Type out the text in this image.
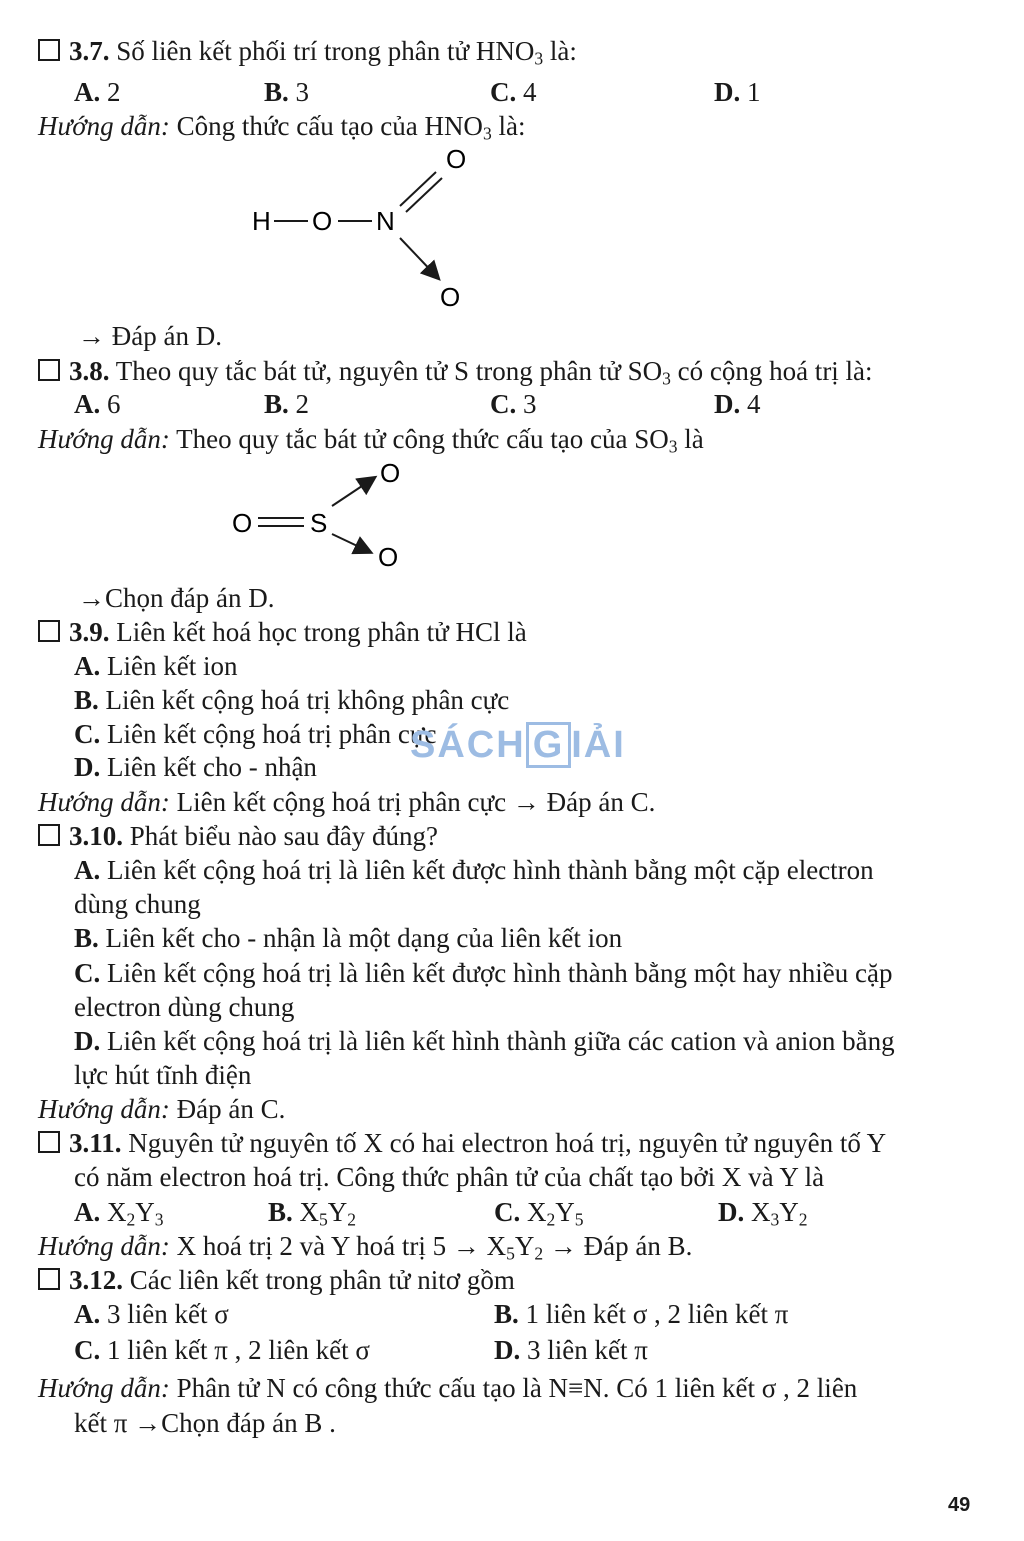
3.7. Số liên kết phối trí trong phân tử $HNO_3$ là:
A. 2	B. 3	C. 4	D. 1
Hướng dẫn: Công thức cấu tạo của $HNO_3$ là:
H O N
O
O
→ Đáp án D.
3.8. Theo quy tắc bát tử, nguyên tử S trong phân tử $SO_3$ có cộng hoá trị là:
A. 6	B. 2	C. 3	D. 4
Hướng dẫn: Theo quy tắc bát tử công thức cấu tạo của $SO_3$ là
O
O S
O
→Chọn đáp án D.
3.9. Liên kết hoá học trong phân tử HCl là
A. Liên kết ion
B. Liên kết cộng hoá trị không phân cực
C. Liên kết cộng hoá trị phân cực
D. Liên kết cho - nhận
Hướng dẫn: Liên kết cộng hoá trị phân cực → Đáp án C.
SÁCH G IẢI
3.10. Phát biểu nào sau đây đúng?
A. Liên kết cộng hoá trị là liên kết được hình thành bằng một cặp electron
dùng chung
B. Liên kết cho - nhận là một dạng của liên kết ion
C. Liên kết cộng hoá trị là liên kết được hình thành bằng một hay nhiều cặp
electron dùng chung
D. Liên kết cộng hoá trị là liên kết hình thành giữa các cation và anion bằng
lực hút tĩnh điện
Hướng dẫn: Đáp án C.
3.11. Nguyên tử nguyên tố X có hai electron hoá trị, nguyên tử nguyên tố Y
có năm electron hoá trị. Công thức phân tử của chất tạo bởi X và Y là
A. $X_2Y_3$	B. $X_5Y_2$	C. $X_2Y_5$	D. $X_3Y_2$
Hướng dẫn: X hoá trị 2 và Y hoá trị $5 \to X_5Y_2$ → Đáp án B.
3.12. Các liên kết trong phân tử nitơ gồm
A. 3 liên kết σ	B. 1 liên kết σ , 2 liên kết π
C. 1 liên kết π , 2 liên kết σ	D. 3 liên kết π
Hướng dẫn: Phân tử N có công thức cấu tạo là N≡N. Có 1 liên kết σ , 2 liên
kết π →Chọn đáp án B .
49
